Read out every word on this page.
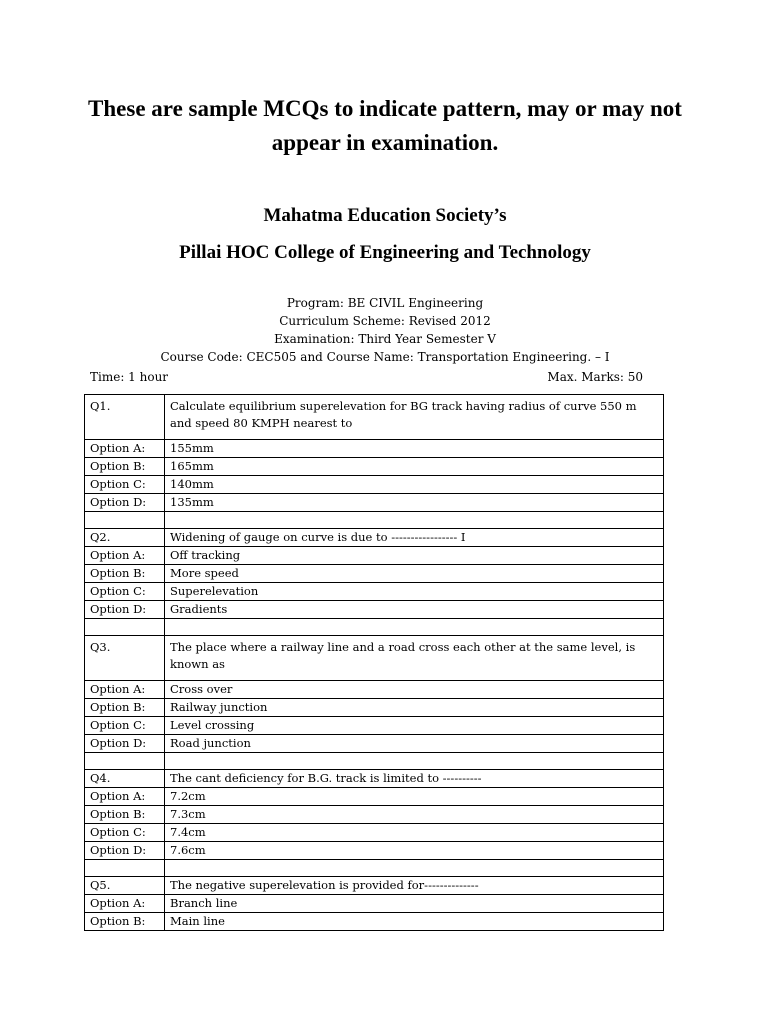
These are sample MCQs to indicate pattern, may or may not appear in examination.
Mahatma Education Society’s
Pillai HOC College of Engineering and Technology
Program: BE CIVIL Engineering
Curriculum Scheme: Revised 2012
Examination: Third Year Semester V
Course Code: CEC505 and Course Name: Transportation Engineering. – I
Time: 1 hour	Max. Marks: 50
Q1.	Calculate equilibrium superelevation for BG track having radius of curve 550 m and speed 80 KMPH nearest to
Option A:	155mm
Option B:	165mm
Option C:	140mm
Option D:	135mm

Q2.	Widening of gauge on curve is due to ----------------- I
Option A:	Off tracking
Option B:	More speed
Option C:	Superelevation
Option D:	Gradients

Q3.	The place where a railway line and a road cross each other at the same level, is known as
Option A:	Cross over
Option B:	Railway junction
Option C:	Level crossing
Option D:	Road junction

Q4.	The cant deficiency for B.G. track is limited to ----------
Option A:	7.2cm
Option B:	7.3cm
Option C:	7.4cm
Option D:	7.6cm

Q5.	The negative superelevation is provided for--------------
Option A:	Branch line
Option B:	Main line
